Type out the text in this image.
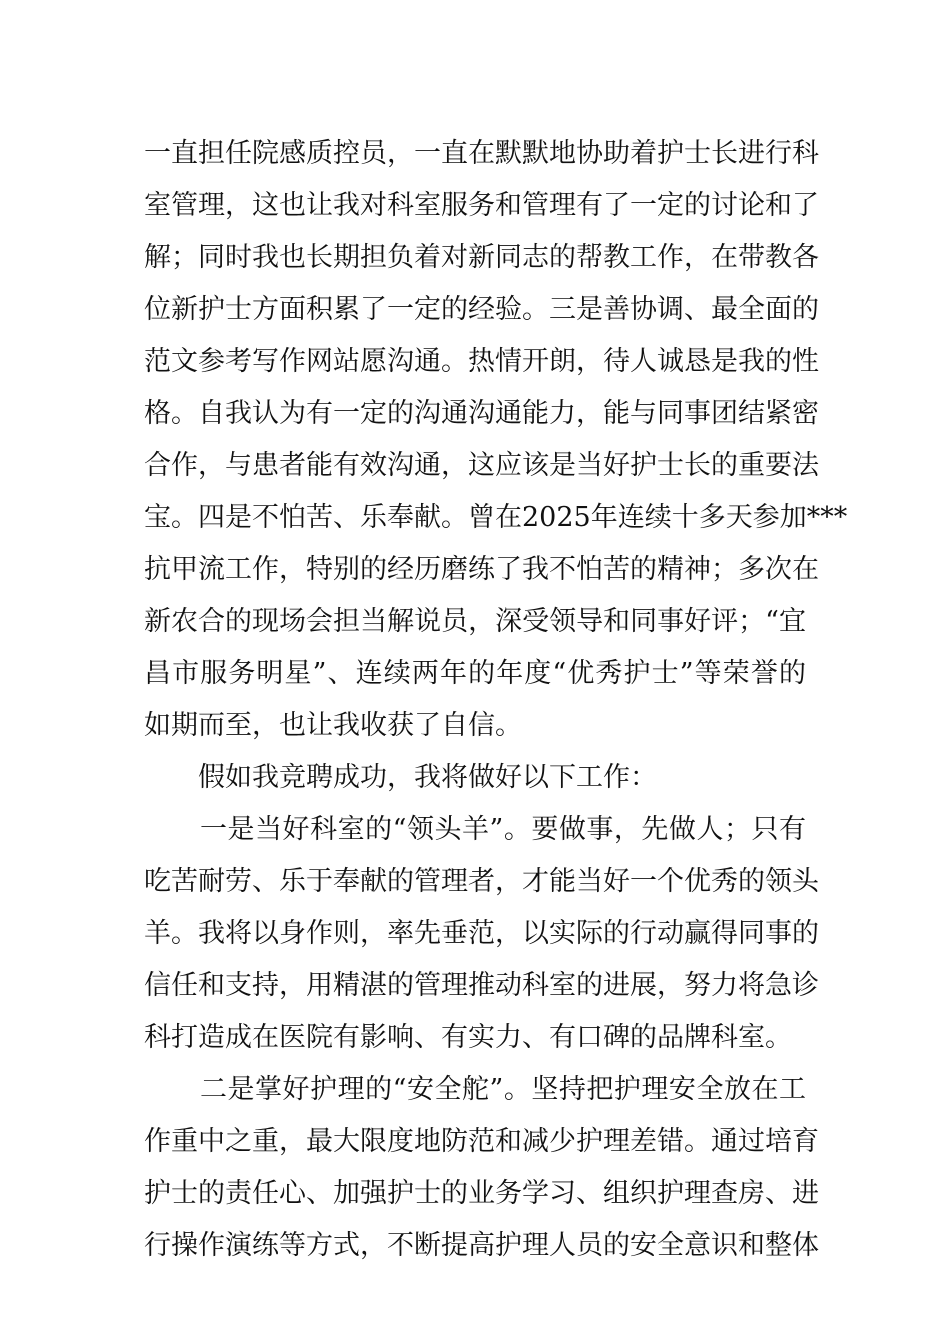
一直担任院感质控员，一直在默默地协助着护士长进行科
室管理，这也让我对科室服务和管理有了一定的讨论和了
解；同时我也长期担负着对新同志的帮教工作，在带教各
位新护士方面积累了一定的经验。三是善协调、最全面的
范文参考写作网站愿沟通。热情开朗，待人诚恳是我的性
格。自我认为有一定的沟通沟通能力，能与同事团结紧密
合作，与患者能有效沟通，这应该是当好护士长的重要法
宝。四是不怕苦、乐奉献。曾在2025年连续十多天参加***
抗甲流工作，特别的经历磨练了我不怕苦的精神；多次在
新农合的现场会担当解说员，深受领导和同事好评；“宜
昌市服务明星”、连续两年的年度“优秀护士”等荣誉的
如期而至，也让我收获了自信。
假如我竞聘成功，我将做好以下工作：
一是当好科室的“领头羊”。要做事，先做人；只有
吃苦耐劳、乐于奉献的管理者，才能当好一个优秀的领头
羊。我将以身作则，率先垂范，以实际的行动赢得同事的
信任和支持，用精湛的管理推动科室的进展，努力将急诊
科打造成在医院有影响、有实力、有口碑的品牌科室。
二是掌好护理的“安全舵”。坚持把护理安全放在工
作重中之重，最大限度地防范和减少护理差错。通过培育
护士的责任心、加强护士的业务学习、组织护理查房、进
行操作演练等方式，不断提高护理人员的安全意识和整体
